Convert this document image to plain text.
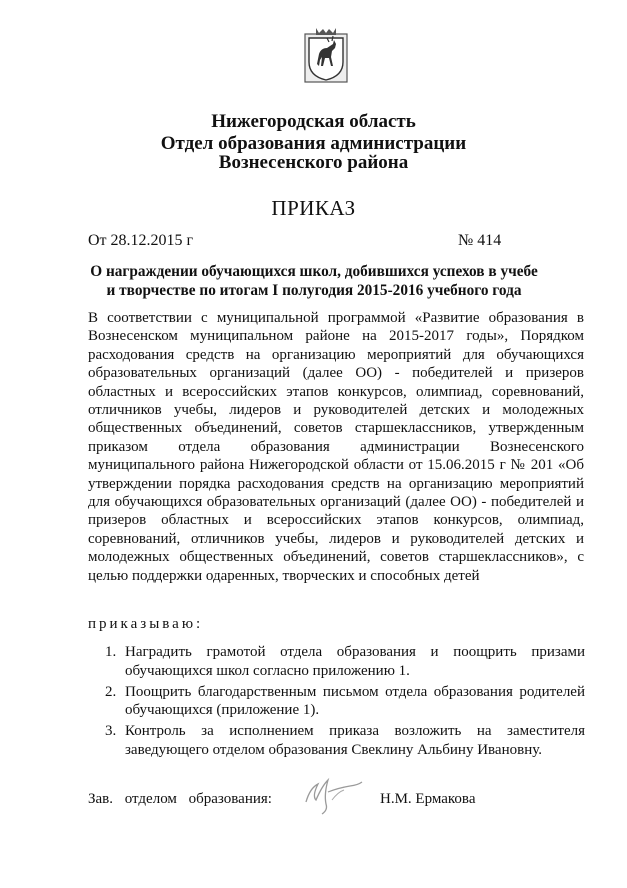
Нижегородская область
Отдел образования администрации
Вознесенского района
ПРИКАЗ
От 28.12.2015 г	№ 414
О награждении обучающихся школ, добившихся успехов в учебе и творчестве по итогам I полугодия 2015-2016 учебного года
В соответствии с муниципальной программой «Развитие образования в Вознесенском муниципальном районе на 2015-2017 годы», Порядком расходования средств на организацию мероприятий для обучающихся образовательных организаций (далее ОО) - победителей и призеров областных и всероссийских этапов конкурсов, олимпиад, соревнований, отличников учебы, лидеров и руководителей детских и молодежных общественных объединений, советов старшеклассников, утвержденным приказом отдела образования администрации Вознесенского муниципального района Нижегородской области от 15.06.2015 г № 201 «Об утверждении порядка расходования средств на организацию мероприятий для обучающихся образовательных организаций (далее ОО) - победителей и призеров областных и всероссийских этапов конкурсов, олимпиад, соревнований, отличников учебы, лидеров и руководителей детских и молодежных общественных объединений, советов старшеклассников», с целью поддержки одаренных, творческих и способных детей
приказываю:
1. Наградить грамотой отдела образования и поощрить призами обучающихся школ согласно приложению 1.
2. Поощрить благодарственным письмом отдела образования родителей обучающихся (приложение 1).
3. Контроль за исполнением приказа возложить на заместителя заведующего отделом образования Свеклину Альбину Ивановну.
Зав. отделом образования:	Н.М. Ермакова
